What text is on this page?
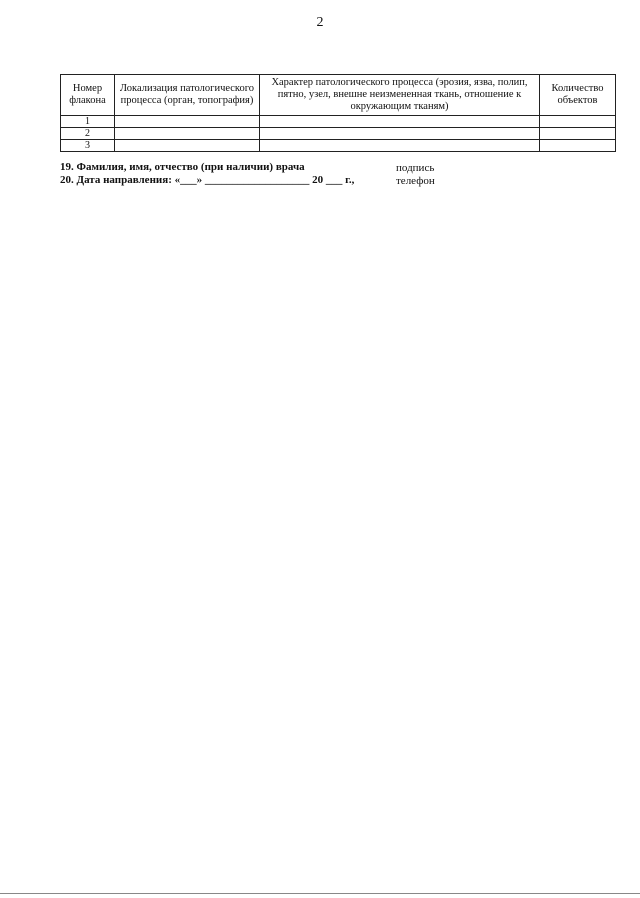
2
Номер флакона	Локализация патологического процесса (орган, топография)	Характер патологического процесса (эрозия, язва, полип, пятно, узел, внешне неизмененная ткань, отношение к окружающим тканям)	Количество объектов
1			
2			
3			
19. Фамилия, имя, отчество (при наличии) врача	подпись
20. Дата направления: «___» ___________________ 20 ___ г.,	телефон
